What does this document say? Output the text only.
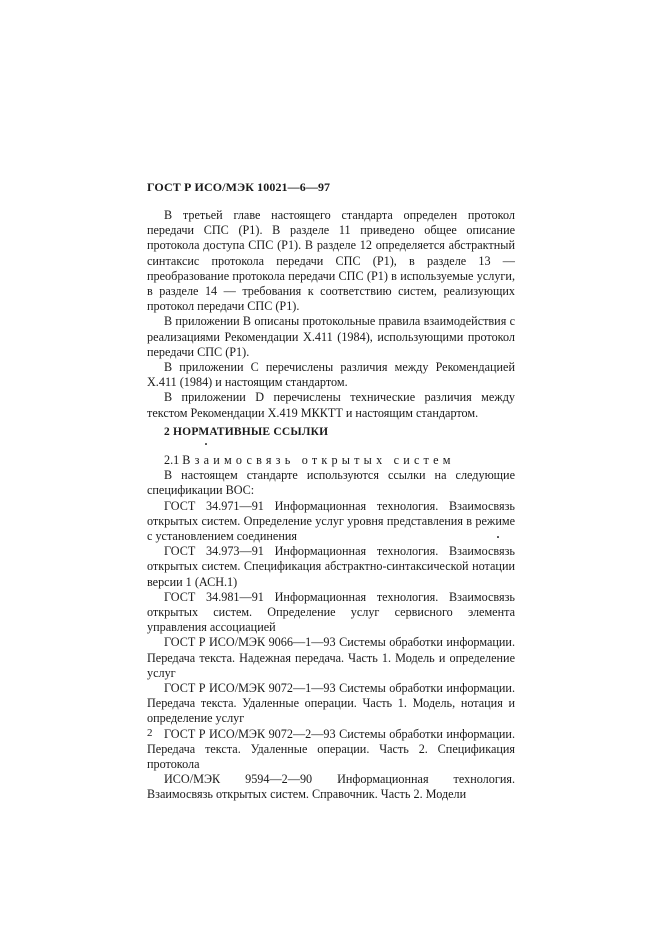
ГОСТ Р ИСО/МЭК 10021—6—97

В третьей главе настоящего стандарта определен протокол передачи СПС (Р1). В разделе 11 приведено общее описание протокола доступа СПС (Р1). В разделе 12 определяется абстрактный синтаксис протокола передачи СПС (Р1), в разделе 13 — преобразование протокола передачи СПС (Р1) в используемые услуги, в разделе 14 — требования к соответствию систем, реализующих протокол передачи СПС (Р1).

В приложении В описаны протокольные правила взаимодействия с реализациями Рекомендации X.411 (1984), использующими протокол передачи СПС (Р1).

В приложении С перечислены различия между Рекомендацией X.411 (1984) и настоящим стандартом.

В приложении D перечислены технические различия между текстом Рекомендации X.419 МККТТ и настоящим стандартом.

2 НОРМАТИВНЫЕ ССЫЛКИ

2.1 Взаимосвязь открытых систем

В настоящем стандарте используются ссылки на следующие спецификации ВОС:

ГОСТ 34.971—91 Информационная технология. Взаимосвязь открытых систем. Определение услуг уровня представления в режиме с установлением соединения

ГОСТ 34.973—91 Информационная технология. Взаимосвязь открытых систем. Спецификация абстрактно-синтаксической нотации версии 1 (АСН.1)

ГОСТ 34.981—91 Информационная технология. Взаимосвязь открытых систем. Определение услуг сервисного элемента управления ассоциацией

ГОСТ Р ИСО/МЭК 9066—1—93 Системы обработки информации. Передача текста. Надежная передача. Часть 1. Модель и определение услуг

ГОСТ Р ИСО/МЭК 9072—1—93 Системы обработки информации. Передача текста. Удаленные операции. Часть 1. Модель, нотация и определение услуг

ГОСТ Р ИСО/МЭК 9072—2—93 Системы обработки информации. Передача текста. Удаленные операции. Часть 2. Спецификация протокола

ИСО/МЭК 9594—2—90 Информационная технология. Взаимосвязь открытых систем. Справочник. Часть 2. Модели

2
